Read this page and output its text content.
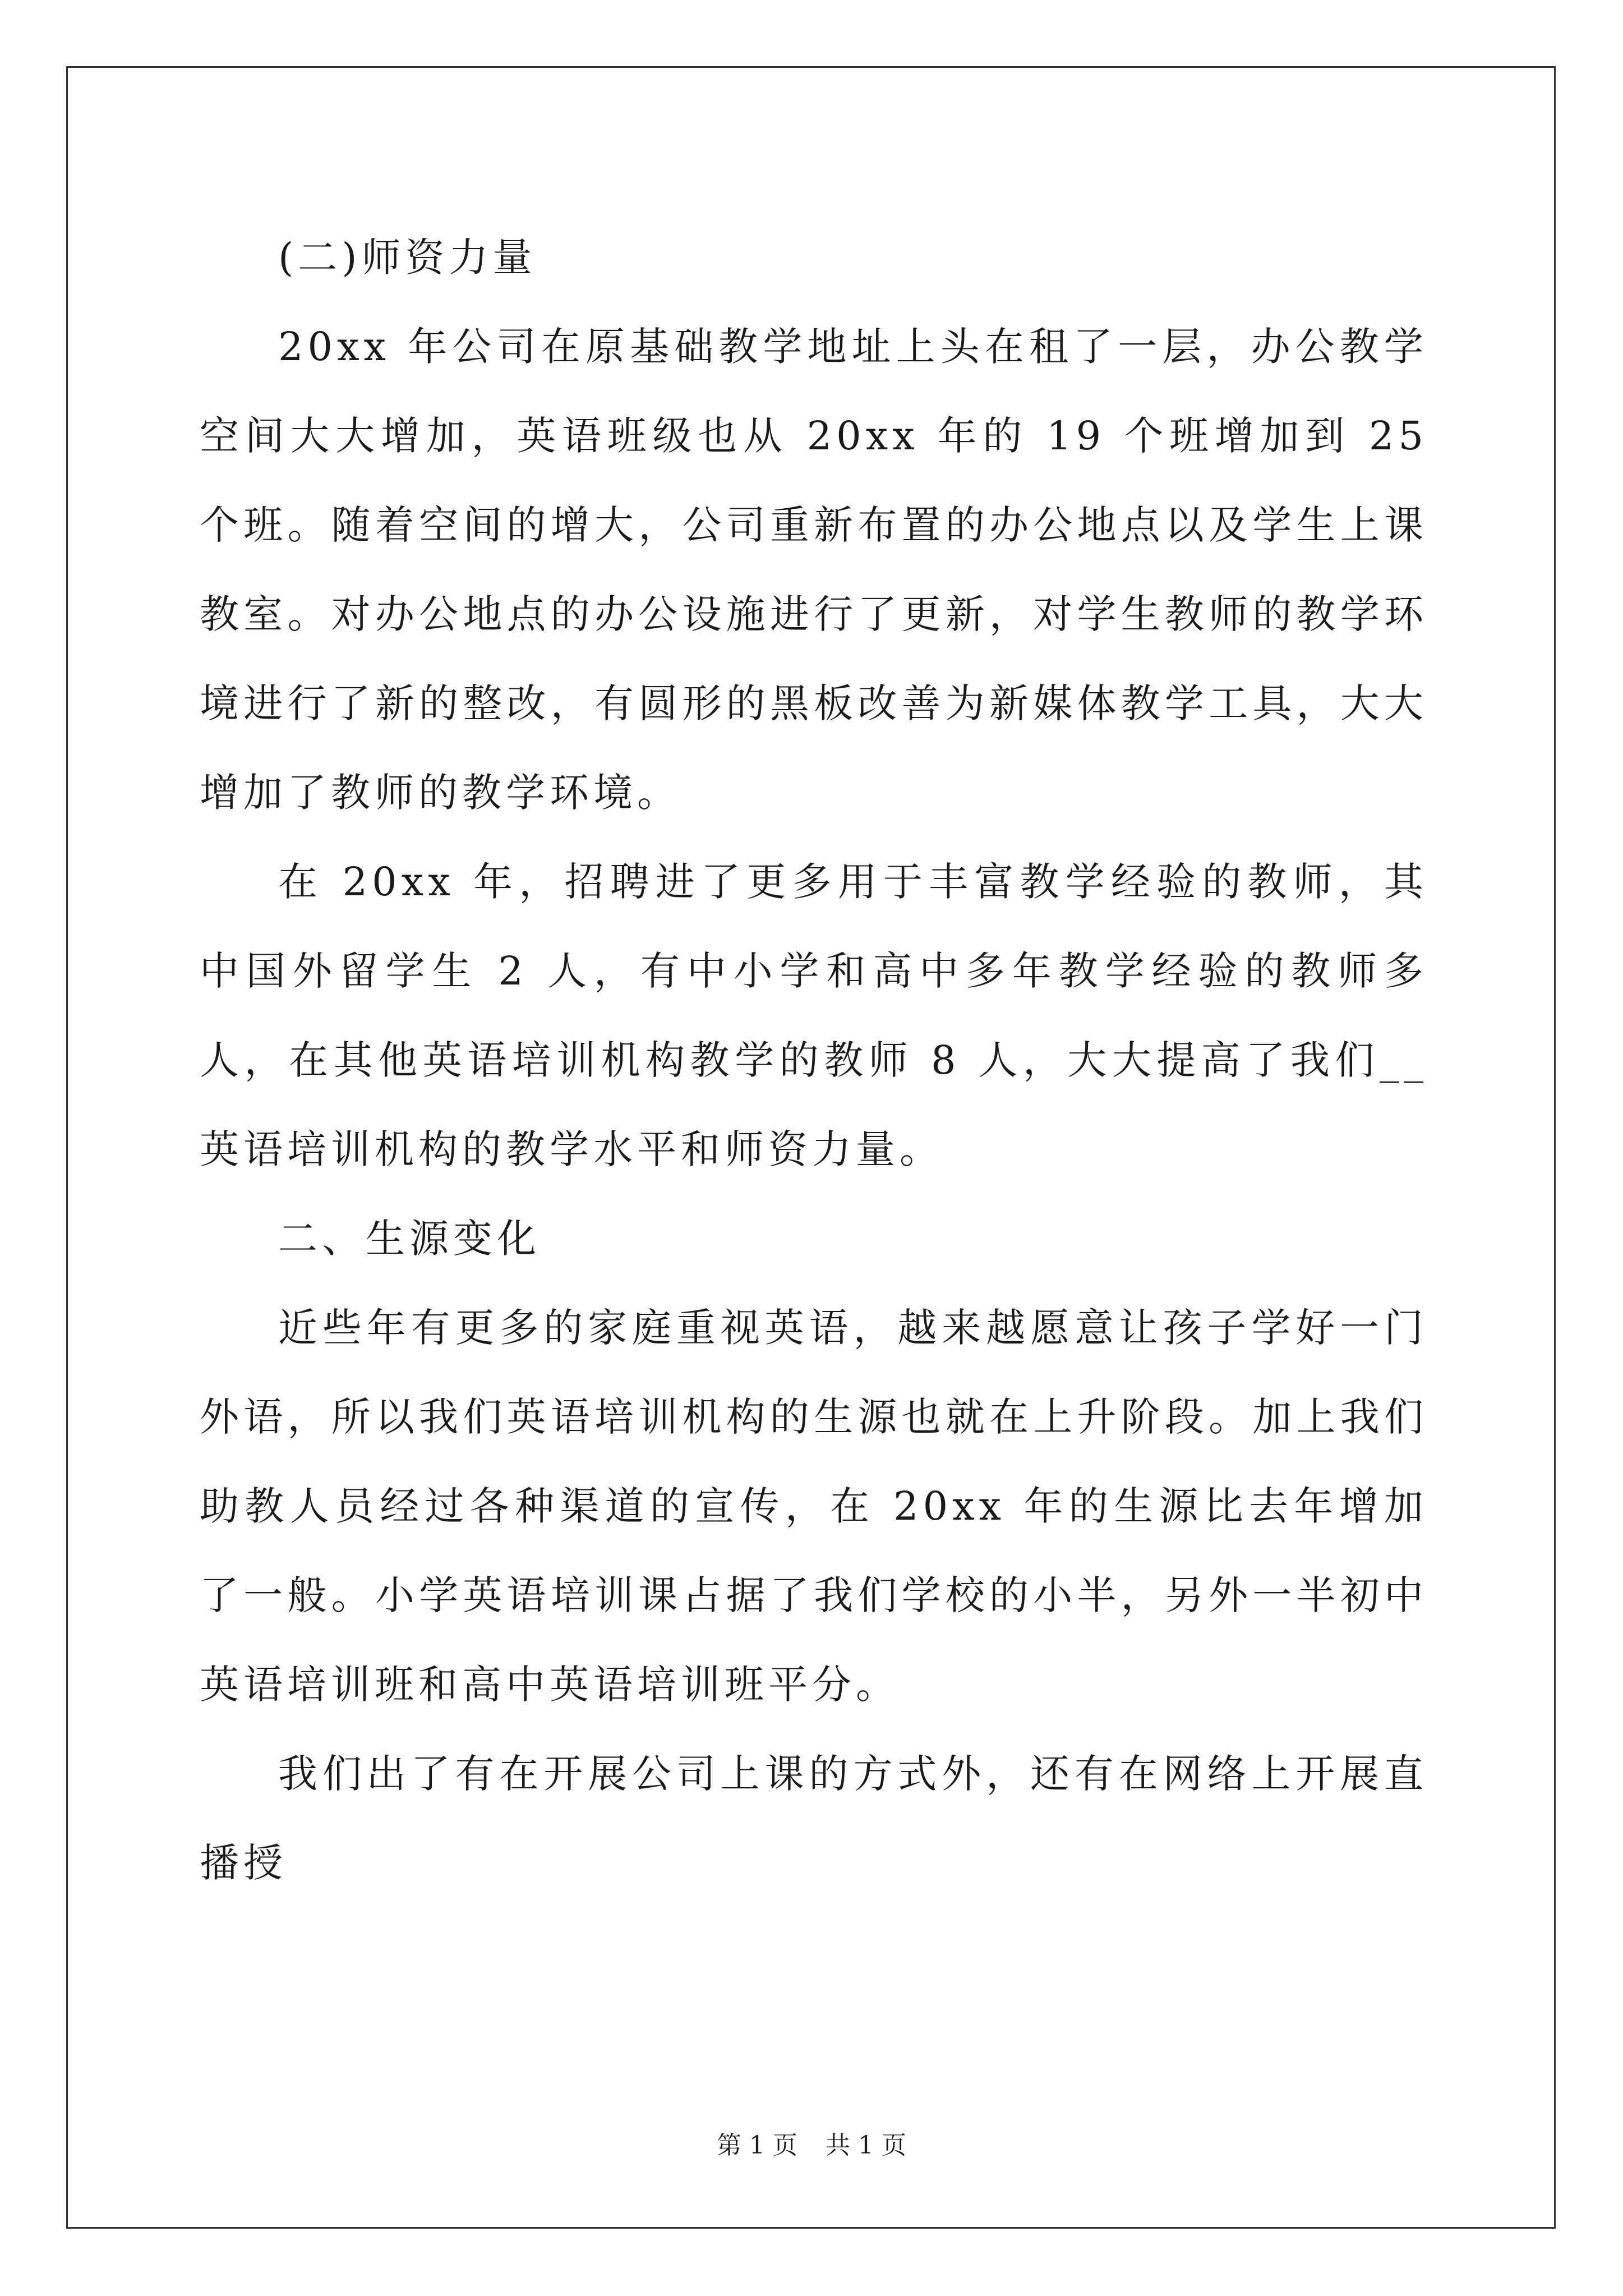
(二)师资力量

20xx 年公司在原基础教学地址上头在租了一层，办公教学空间大大增加，英语班级也从 20xx 年的 19 个班增加到 25 个班。随着空间的增大，公司重新布置的办公地点以及学生上课教室。对办公地点的办公设施进行了更新，对学生教师的教学环境进行了新的整改，有圆形的黑板改善为新媒体教学工具，大大增加了教师的教学环境。

在 20xx 年，招聘进了更多用于丰富教学经验的教师，其中国外留学生 2 人，有中小学和高中多年教学经验的教师多人，在其他英语培训机构教学的教师 8 人，大大提高了我们__英语培训机构的教学水平和师资力量。

二、生源变化

近些年有更多的家庭重视英语，越来越愿意让孩子学好一门外语，所以我们英语培训机构的生源也就在上升阶段。加上我们助教人员经过各种渠道的宣传，在 20xx 年的生源比去年增加了一般。小学英语培训课占据了我们学校的小半，另外一半初中英语培训班和高中英语培训班平分。

我们出了有在开展公司上课的方式外，还有在网络上开展直播授

第 1 页 共 1 页
